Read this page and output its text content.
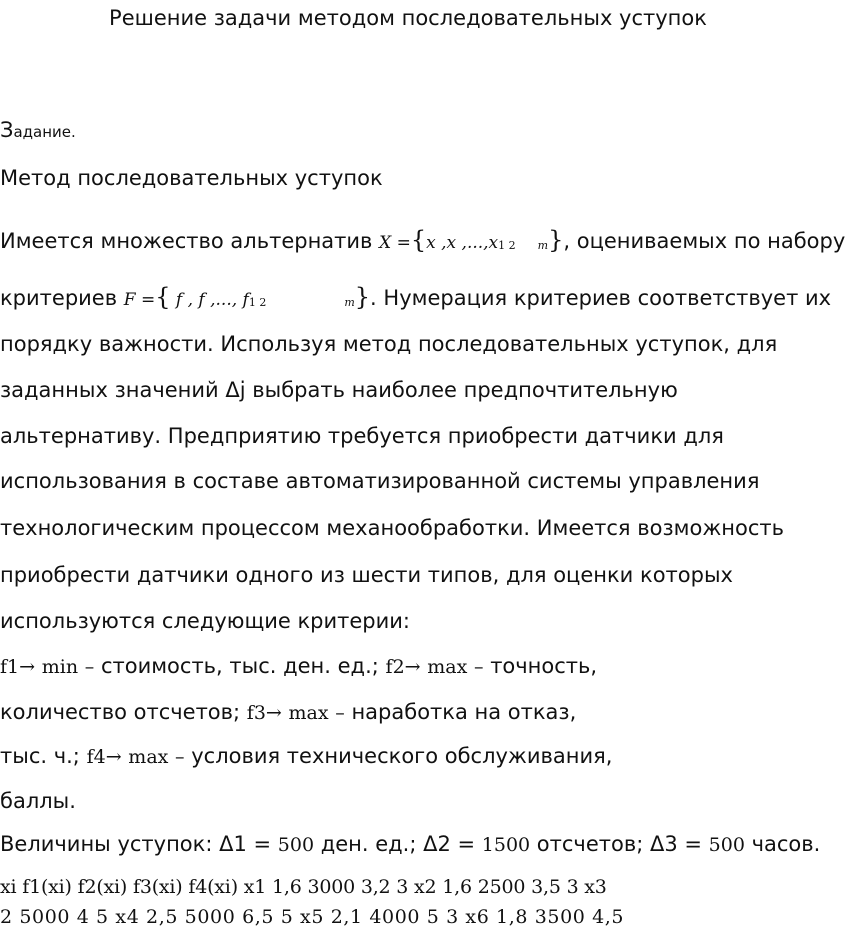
Решение задачи методом последовательных уступок
Задание.
Метод последовательных уступок
Имеется множество альтернатив X ={x ,x ,...,x1 2 m}, оцениваемых по набору
критериев F ={ f , f ,..., f1 2	m}. Нумерация критериев соответствует их
порядку важности. Используя метод последовательных уступок, для
заданных значений Δj выбрать наиболее предпочтительную
альтернативу. Предприятию требуется приобрести датчики для
использования в составе автоматизированной системы управления
технологическим процессом механообработки. Имеется возможность
приобрести датчики одного из шести типов, для оценки которых
используются следующие критерии:
f1→ min – стоимость, тыс. ден. ед.; f2→ max – точность,
количество отсчетов; f3→ max – наработка на отказ,
тыс. ч.; f4→ max – условия технического обслуживания,
баллы.
Величины уступок: Δ1 = 500 ден. ед.; Δ2 = 1500 отсчетов; Δ3 = 500 часов.
xi f1(xi) f2(xi) f3(xi) f4(xi) x1 1,6 3000 3,2 3 x2 1,6 2500 3,5 3 x3
2 5000 4 5 x4 2,5 5000 6,5 5 x5 2,1 4000 5 3 x6 1,8 3500 4,5
